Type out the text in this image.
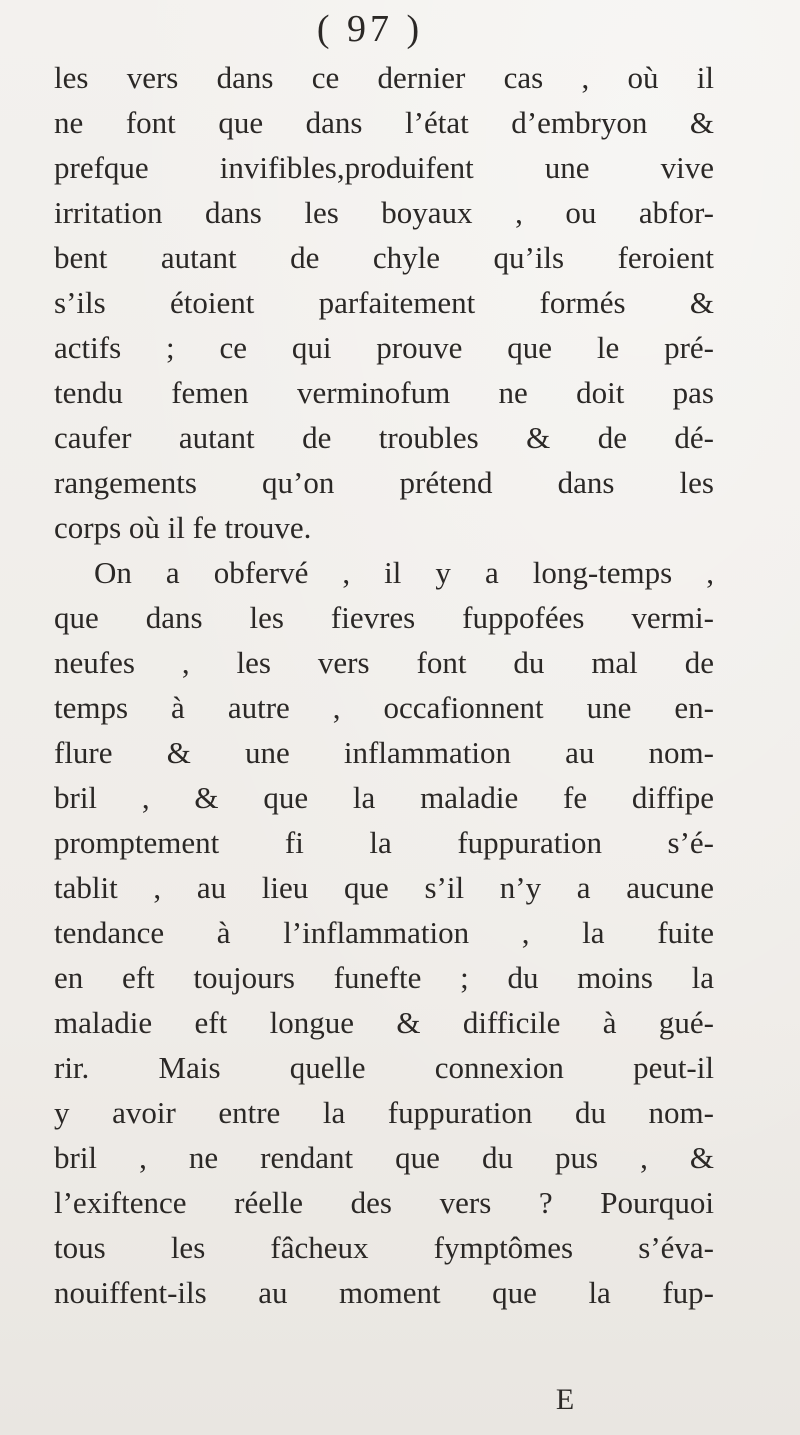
( 97 )
les vers dans ce dernier cas , où il
ne font que dans l’état d’embryon &
prefque invifibles,produifent une vive
irritation dans les boyaux , ou abfor-
bent autant de chyle qu’ils feroient
s’ils étoient parfaitement formés &
actifs ; ce qui prouve que le pré-
tendu femen verminofum ne doit pas
caufer autant de troubles & de dé-
rangements qu’on prétend dans les
corps où il fe trouve.
On a obfervé , il y a long-temps ,
que dans les fievres fuppofées vermi-
neufes , les vers font du mal de
temps à autre , occafionnent une en-
flure & une inflammation au nom-
bril , & que la maladie fe diffipe
promptement fi la fuppuration s’é-
tablit , au lieu que s’il n’y a aucune
tendance à l’inflammation , la fuite
en eft toujours funefte ; du moins la
maladie eft longue & difficile à gué-
rir. Mais quelle connexion peut-il
y avoir entre la fuppuration du nom-
bril , ne rendant que du pus , &
l’exiftence réelle des vers ? Pourquoi
tous les fâcheux fymptômes s’éva-
nouiffent-ils au moment que la fup-
E
